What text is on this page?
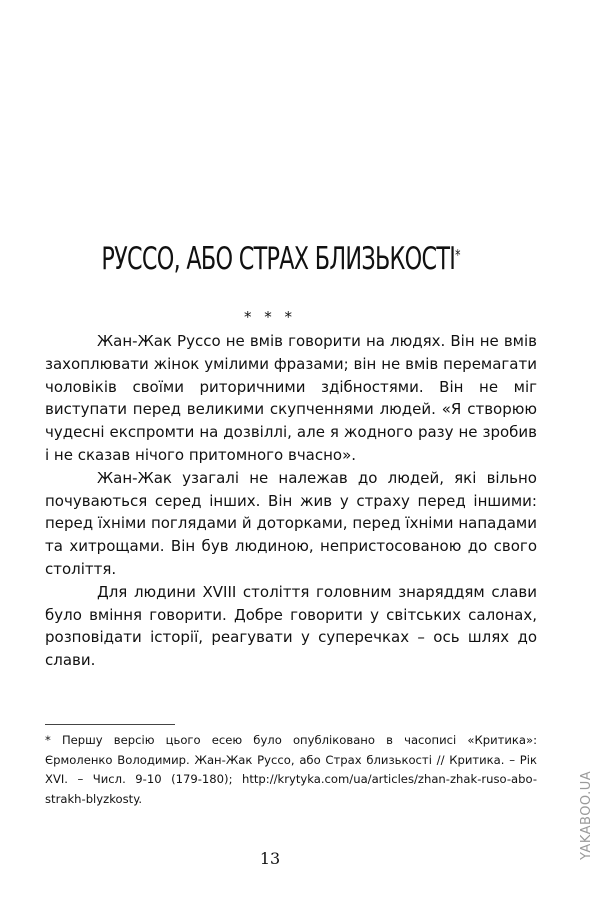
РУССО, АБО СТРАХ БЛИЗЬКОСТІ*
* * *

Жан-Жак Руссо не вмів говорити на людях. Він не вмів захоплювати жінок умілими фразами; він не вмів перемагати чоловіків своїми риторичними здібностями. Він не міг виступати перед великими скупченнями людей. «Я створюю чудесні експромти на дозвіллі, але я жодного разу не зробив і не сказав нічого притомного вчасно».

Жан-Жак узагалі не належав до людей, які вільно почуваються серед інших. Він жив у страху перед іншими: перед їхніми поглядами й доторками, перед їхніми нападами та хитрощами. Він був людиною, непристосованою до свого століття.

Для людини XVIII століття головним знаряддям слави було вміння говорити. Добре говорити у світських салонах, розповідати історії, реагувати у суперечках – ось шлях до слави.

* Першу версію цього есею було опубліковано в часописі «Критика»: Єрмоленко Володимир. Жан-Жак Руссо, або Страх близькості // Критика. – Рік XVI. – Числ. 9-10 (179-180); http://krytyka.com/ua/articles/zhan-zhak-ruso-abo-strakh-blyzkosty.
13	YAKABOO.UA
